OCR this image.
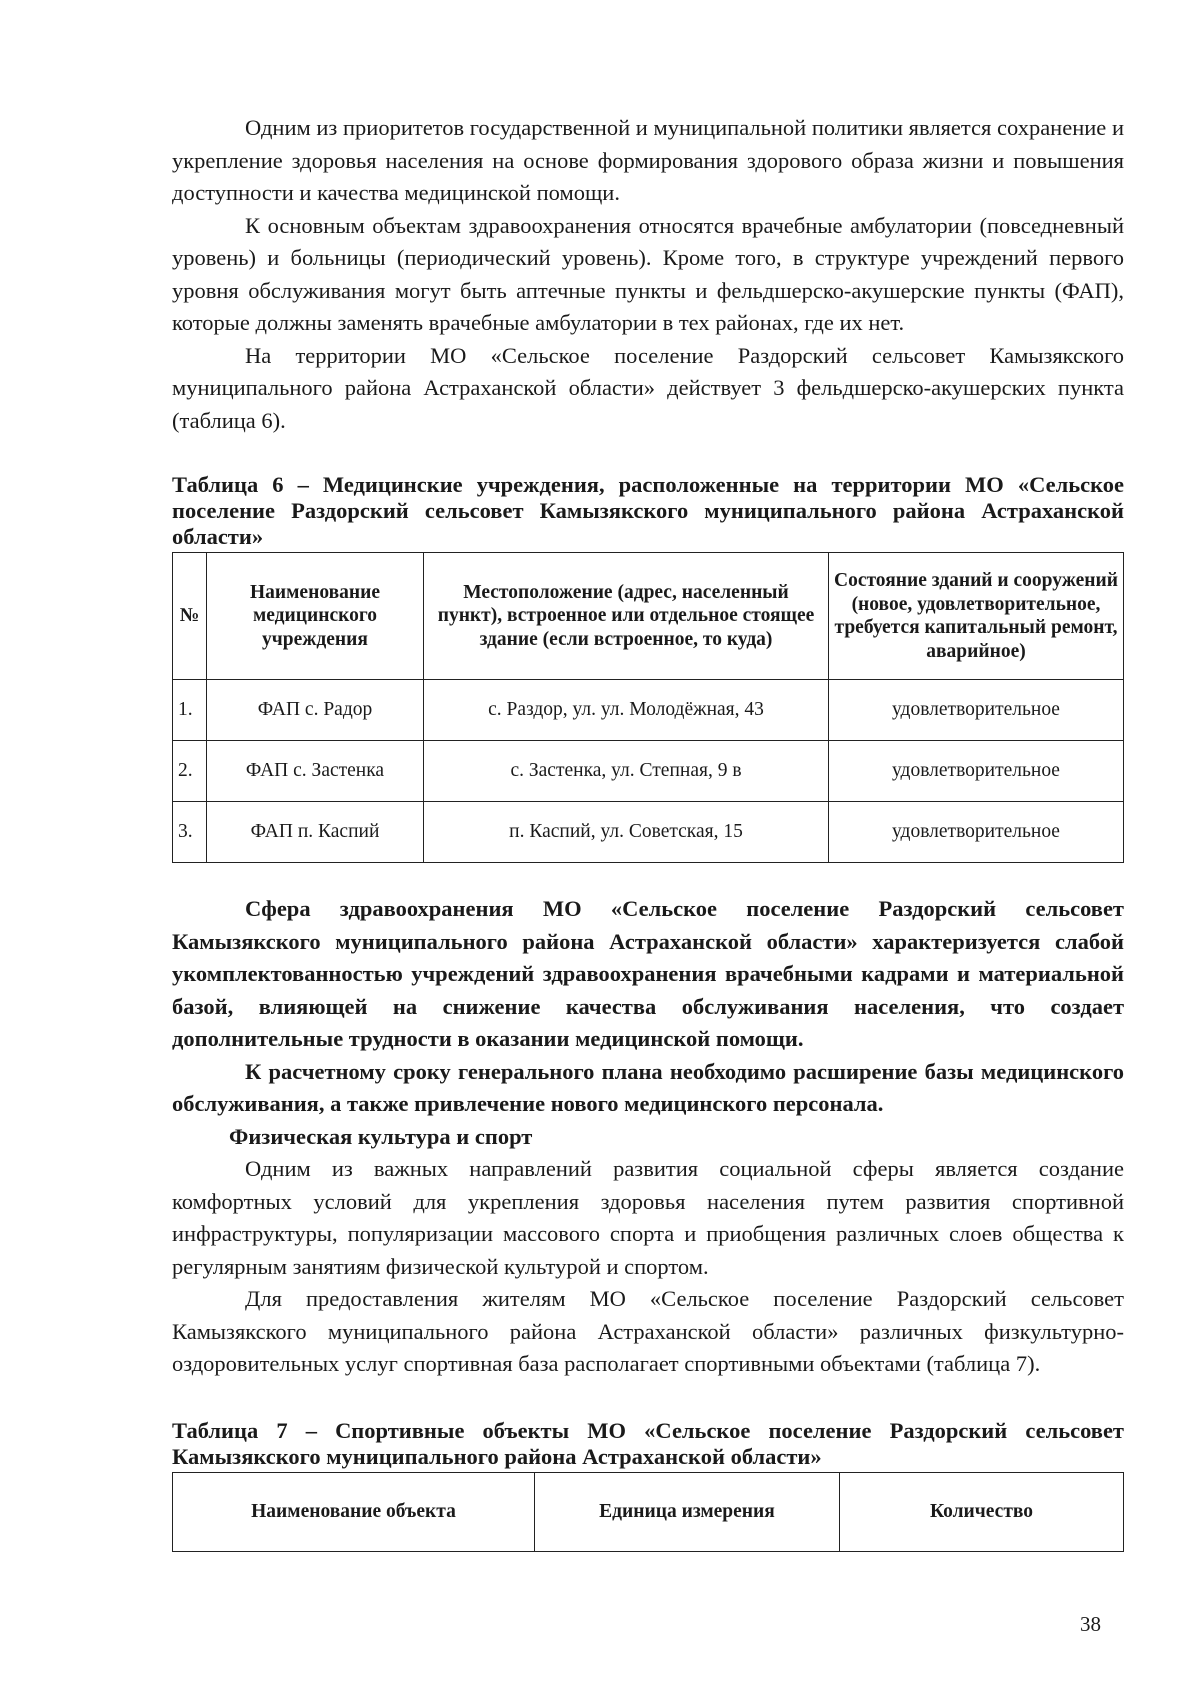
Одним из приоритетов государственной и муниципальной политики является сохранение и укрепление здоровья населения на основе формирования здорового образа жизни и повышения доступности и качества медицинской помощи.

К основным объектам здравоохранения относятся врачебные амбулатории (повседневный уровень) и больницы (периодический уровень). Кроме того, в структуре учреждений первого уровня обслуживания могут быть аптечные пункты и фельдшерско-акушерские пункты (ФАП), которые должны заменять врачебные амбулатории в тех районах, где их нет.

На территории МО «Сельское поселение Раздорский сельсовет Камызякского муниципального района Астраханской области» действует 3 фельдшерско-акушерских пункта (таблица 6).

Таблица 6 – Медицинские учреждения, расположенные на территории МО «Сельское поселение Раздорский сельсовет Камызякского муниципального района Астраханской области»

№	Наименование медицинского учреждения	Местоположение (адрес, населенный пункт), встроенное или отдельное стоящее здание (если встроенное, то куда)	Состояние зданий и сооружений (новое, удовлетворительное, требуется капитальный ремонт, аварийное)
1.	ФАП с. Радор	с. Раздор, ул. ул. Молодёжная, 43	удовлетворительное
2.	ФАП с. Застенка	с. Застенка, ул. Степная, 9 в	удовлетворительное
3.	ФАП п. Каспий	п. Каспий, ул. Советская, 15	удовлетворительное

Сфера здравоохранения МО «Сельское поселение Раздорский сельсовет Камызякского муниципального района Астраханской области» характеризуется слабой укомплектованностью учреждений здравоохранения врачебными кадрами и материальной базой, влияющей на снижение качества обслуживания населения, что создает дополнительные трудности в оказании медицинской помощи.

К расчетному сроку генерального плана необходимо расширение базы медицинского обслуживания, а также привлечение нового медицинского персонала.

Физическая культура и спорт

Одним из важных направлений развития социальной сферы является создание комфортных условий для укрепления здоровья населения путем развития спортивной инфраструктуры, популяризации массового спорта и приобщения различных слоев общества к регулярным занятиям физической культурой и спортом.

Для предоставления жителям МО «Сельское поселение Раздорский сельсовет Камызякского муниципального района Астраханской области» различных физкультурно-оздоровительных услуг спортивная база располагает спортивными объектами (таблица 7).

Таблица 7 – Спортивные объекты МО «Сельское поселение Раздорский сельсовет Камызякского муниципального района Астраханской области»

Наименование объекта	Единица измерения	Количество
38
